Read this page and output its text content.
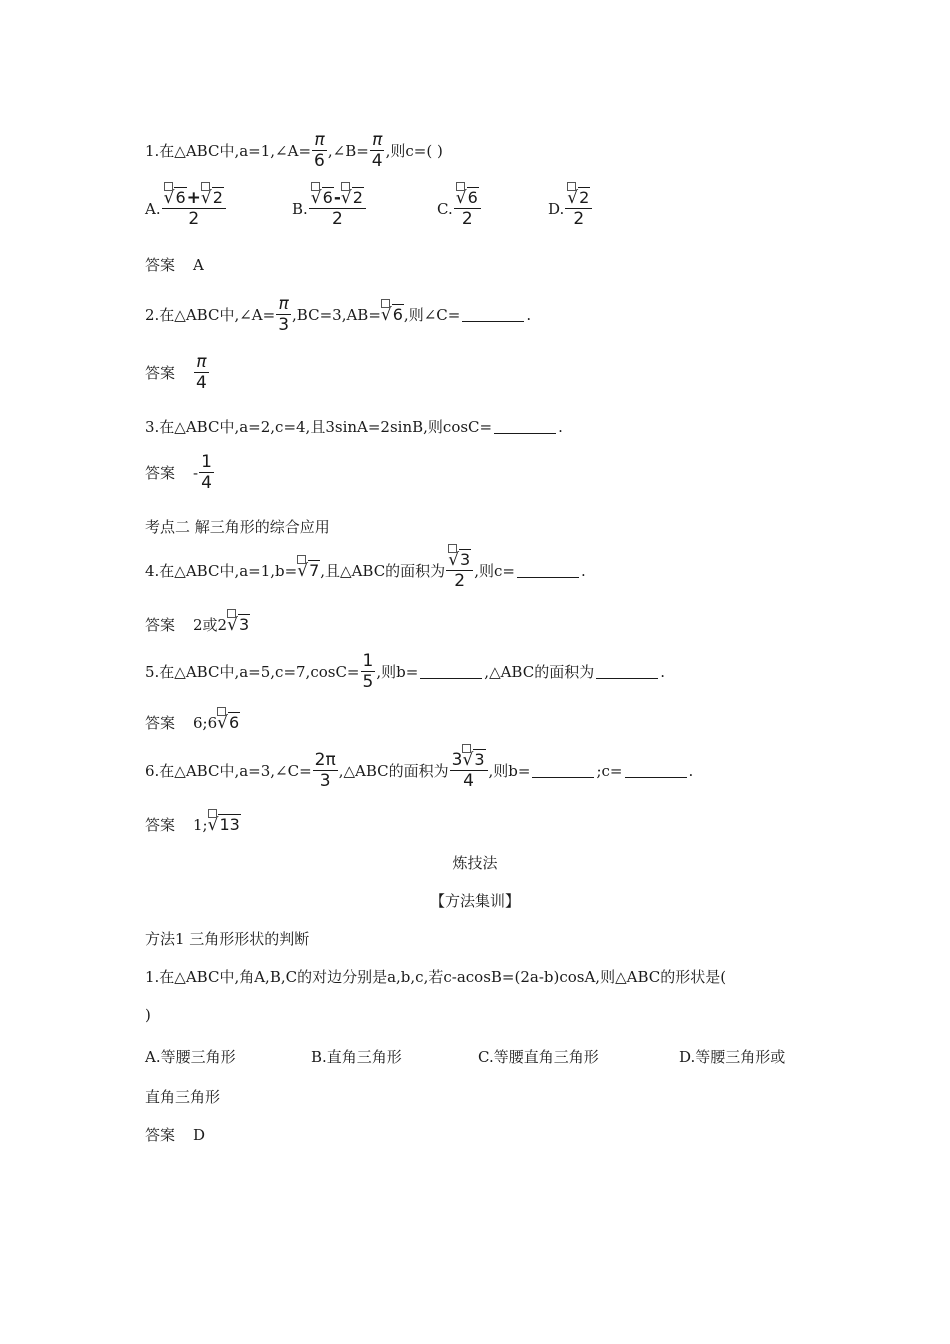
1.在△ABC中,a=1,∠A= $\frac{\pi}{6}$ ,∠B= $\frac{\pi}{4}$ ,则c=( )
A. √6+
√2
2	B. √6-
√2
2	C. $\frac{√6}{2}$	D. $\frac{√2}{2}$
答案 A
2.在△ABC中,∠A= $\frac{\pi}{3} ,BC=3,AB= √6$ ,则∠C=	.
答案 $\frac{\pi}{4}$
3.在△ABC中,a=2,c=4,且3sinA=2sinB,则cosC=	.
答案 - $\frac{1}{4}$
考点二 解三角形的综合应用
4.在△ABC中,a=1,b= √7 ,且△ABC的面积为 $\frac{√3}{2}$ ,则c=	.
答案 2或2 √3
5.在△ABC中$,a=5,c=7,\cos C= \frac{1}{5}$ ,则b=	,△ABC的面积为	.
答案 6;6 √6
6.在△ABC中,a=3,∠C= $\frac{2\pi}{3}$ ,△ABC的面积为 3
√3
4 ,则b=	;c=	.
答案 1; √13
炼技法
【方法集训】
方法1 三角形形状的判断
1.在△ABC中,角A,B,C的对边分别是a,b,c,若c-acosB=(2a-b)cosA,则△ABC的形状是(
)
A.等腰三角形	B.直角三角形	C.等腰直角三角形	D.等腰三角形或
直角三角形
答案 D
